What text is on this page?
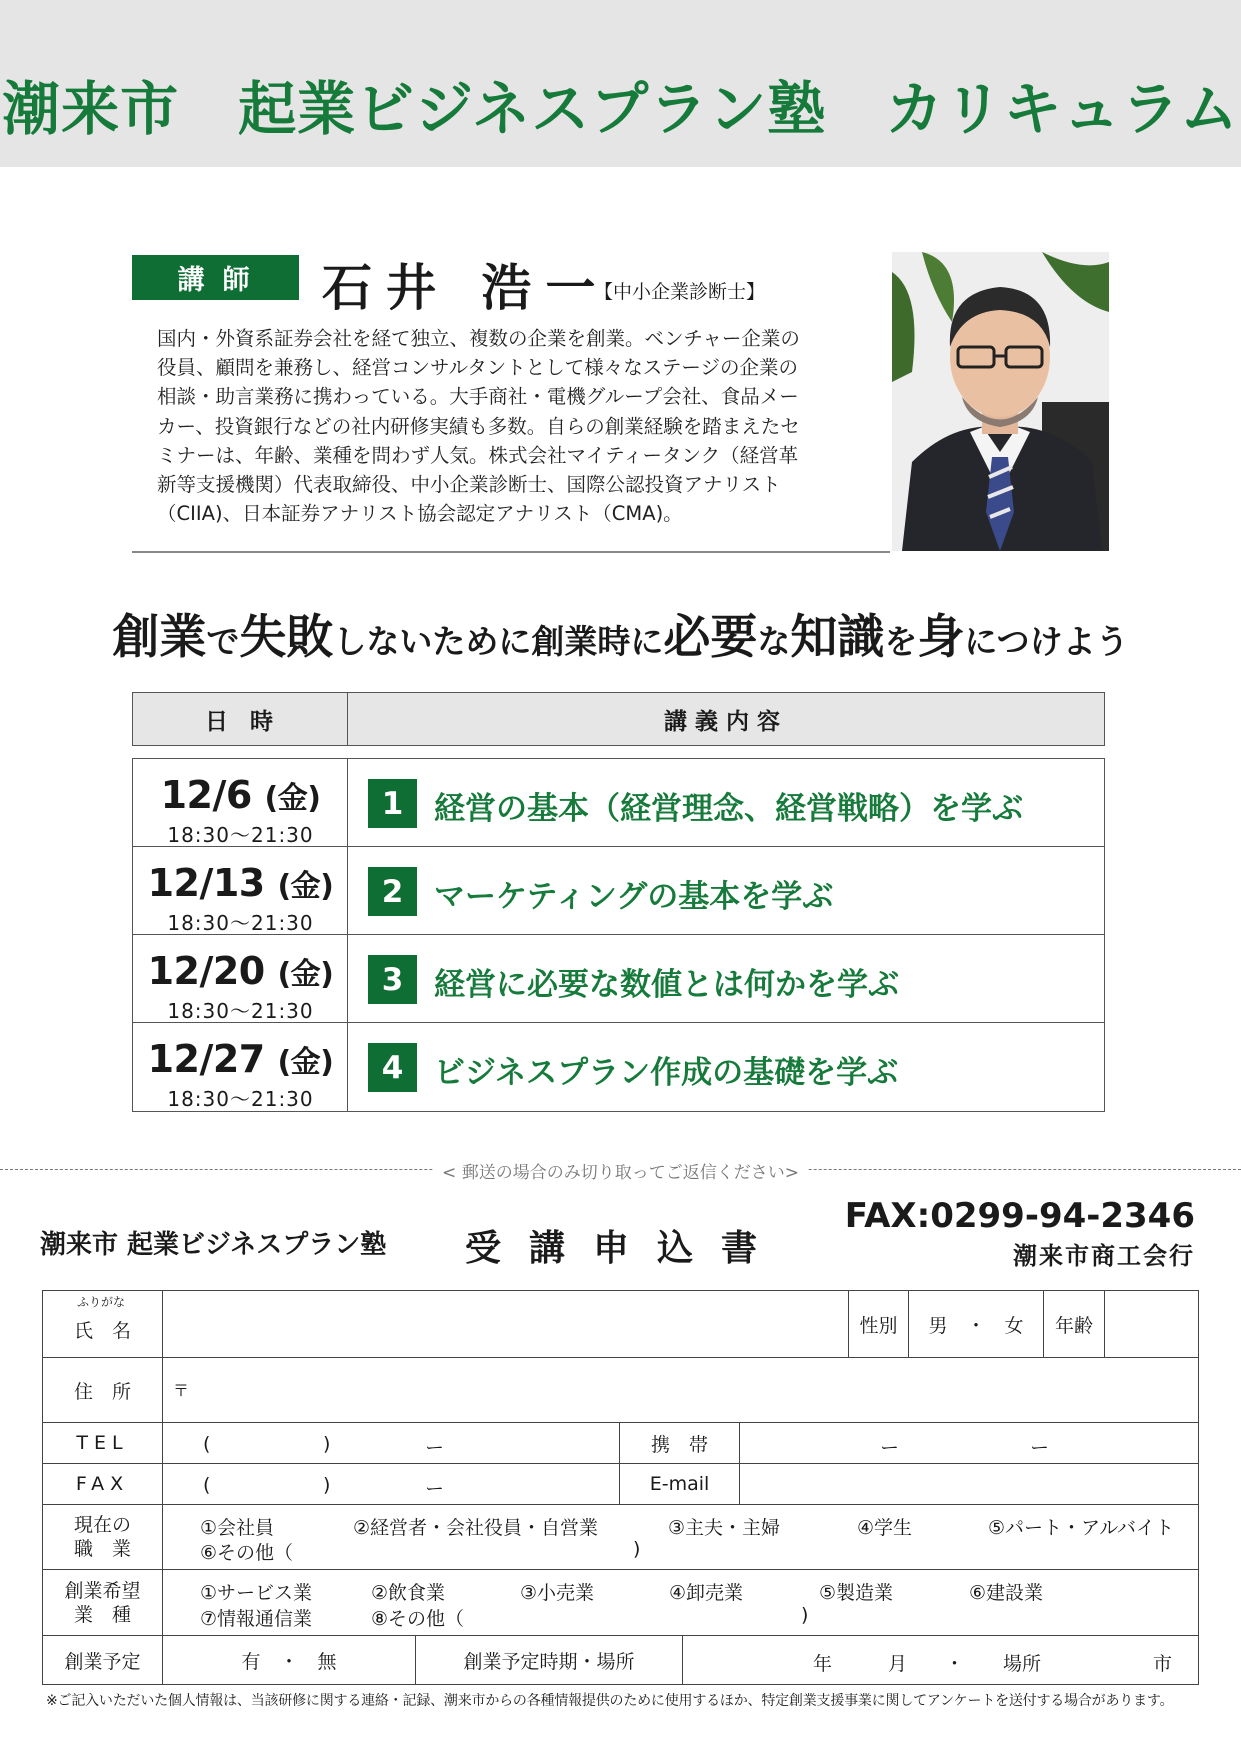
潮来市　起業ビジネスプラン塾　カリキュラム
講師	石井 浩一
【中小企業診断士】
国内・外資系証券会社を経て独立、複数の企業を創業。ベンチャー企業の
役員、顧問を兼務し、経営コンサルタントとして様々なステージの企業の
相談・助言業務に携わっている。大手商社・電機グループ会社、食品メー
カー、投資銀行などの社内研修実績も多数。自らの創業経験を踏まえたセ
ミナーは、年齢、業種を問わず人気。株式会社マイティータンク（経営革
新等支援機関）代表取締役、中小企業診断士、国際公認投資アナリスト
（CIIA)、日本証券アナリスト協会認定アナリスト（CMA)。
創業で失敗しないために創業時に必要な知識を身につけよう
日時	講義内容
12/6 (金)
18:30〜21:30
1 経営の基本（経営理念、経営戦略）を学ぶ
12/13 (金)
18:30〜21:30
2 マーケティングの基本を学ぶ
12/20 (金)
18:30〜21:30
3 経営に必要な数値とは何かを学ぶ
12/27 (金)
18:30〜21:30
4 ビジネスプラン作成の基礎を学ぶ
< 郵送の場合のみ切り取ってご返信ください>
潮来市 起業ビジネスプラン塾 受講申込書
FAX:0299-94-2346
潮来市商工会行
ふりがな
氏　名	性別	男　・　女	年齢
住　所	〒
TEL	(	)	ー	携　帯	ー	ー
FAX	(	)	ー	E-mail
現在の
職　業
①会社員	②経営者・会社役員・自営業	③主夫・主婦	④学生	⑤パート・アルバイト
⑥その他（	)
創業希望
業　種
①サービス業	②飲食業	③小売業	④卸売業	⑤製造業	⑥建設業
⑦情報通信業	⑧その他（	)
創業予定	有　・　無	創業予定時期・場所	年	月 ・ 場所	市
※ご記入いただいた個人情報は、当該研修に関する連絡・記録、潮来市からの各種情報提供のために使用するほか、特定創業支援事業に関してアンケートを送付する場合があります。
